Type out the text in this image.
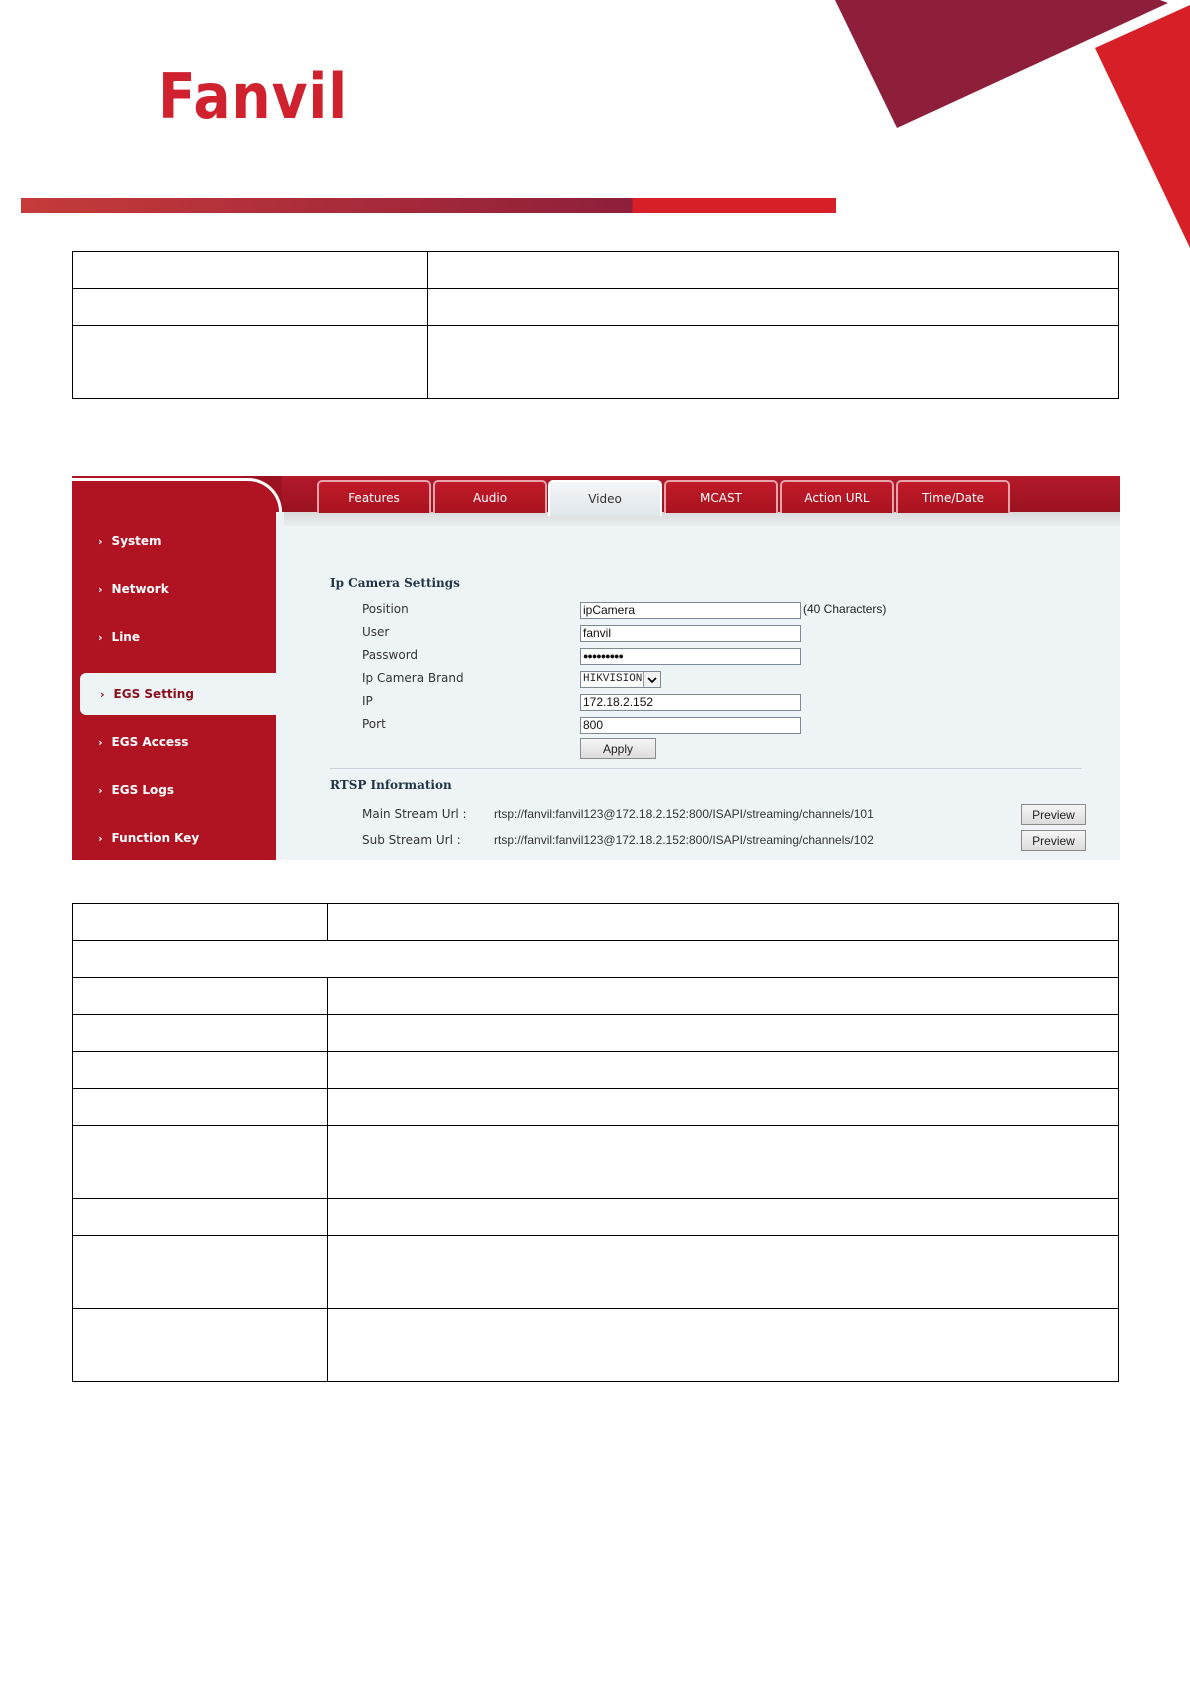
Fanvil

Features	Audio	Video	MCAST	Action URL	Time/Date
› System
› Network
› Line
› EGS Setting
› EGS Access
› EGS Logs
› Function Key
Ip Camera Settings
Position	ipCamera	(40 Characters)
User	fanvil
Password	●●●●●●●●●
Ip Camera Brand	HIKVISION
IP	172.18.2.152
Port	800
Apply
RTSP Information
Main Stream Url : rtsp://fanvil:fanvil123@172.18.2.152:800/ISAPI/streaming/channels/101	Preview
Sub Stream Url :	rtsp://fanvil:fanvil123@172.18.2.152:800/ISAPI/streaming/channels/102	Preview
